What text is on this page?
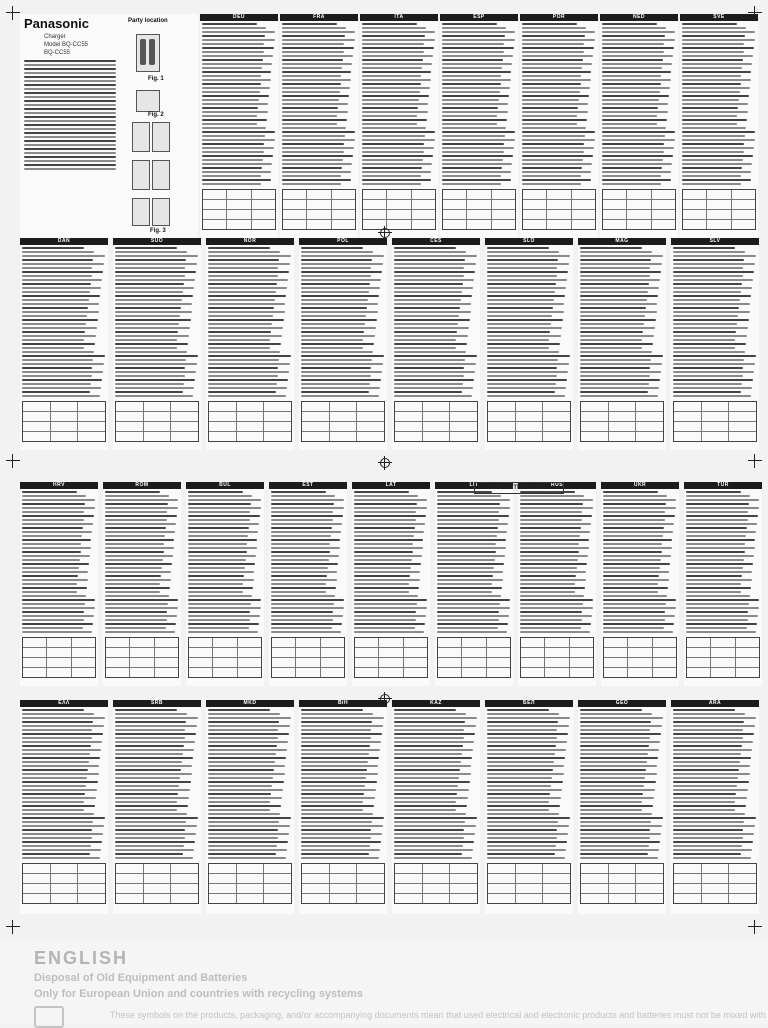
Panasonic
Charger
Model BQ-CC55
BQ-CC55
Party location
Fig. 1
Fig. 2
Fig. 3
DEU	FRA	ITA	ESP	POR	NED	SVE
DAN	SUO	NOR	POL	ČES	SLO	MAG	SLV
HRV	ROM	BUL	EST	LAT	LIT	RUS	UKR	TUR
ΕΛΛ	SRB	MKD	BiH	ΚΑΖ	БЕЛ	GEO	ARA
GARANTİ BELGESİ
ENGLISH
Disposal of Old Equipment and Batteries
Only for European Union and countries with recycling systems
These symbols on the products, packaging, and/or accompanying documents mean that used electrical and electronic products and batteries must not be mixed with
